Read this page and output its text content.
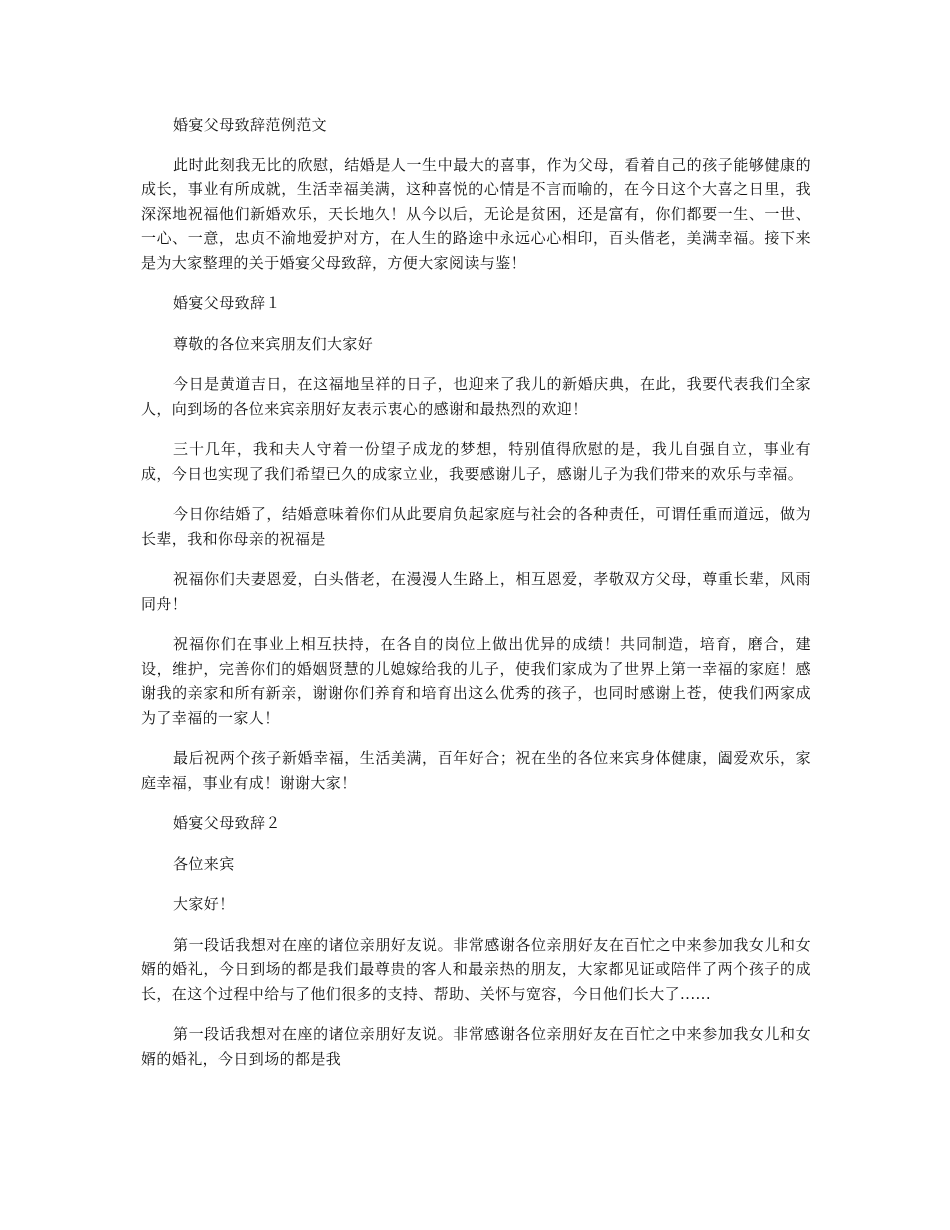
婚宴父母致辞范例范文

此时此刻我无比的欣慰，结婚是人一生中最大的喜事，作为父母，看着自己的孩子能够健康的成长，事业有所成就，生活幸福美满，这种喜悦的心情是不言而喻的，在今日这个大喜之日里，我深深地祝福他们新婚欢乐，天长地久！从今以后，无论是贫困，还是富有，你们都要一生、一世、一心、一意，忠贞不渝地爱护对方，在人生的路途中永远心心相印，百头偕老，美满幸福。接下来是为大家整理的关于婚宴父母致辞，方便大家阅读与鉴！

婚宴父母致辞１

尊敬的各位来宾朋友们大家好

今日是黄道吉日，在这福地呈祥的日子，也迎来了我儿的新婚庆典，在此，我要代表我们全家人，向到场的各位来宾亲朋好友表示衷心的感谢和最热烈的欢迎！

三十几年，我和夫人守着一份望子成龙的梦想，特别值得欣慰的是，我儿自强自立，事业有成，今日也实现了我们希望已久的成家立业，我要感谢儿子，感谢儿子为我们带来的欢乐与幸福。

今日你结婚了，结婚意味着你们从此要肩负起家庭与社会的各种责任，可谓任重而道远，做为长辈，我和你母亲的祝福是

祝福你们夫妻恩爱，白头偕老，在漫漫人生路上，相互恩爱，孝敬双方父母，尊重长辈，风雨同舟！

祝福你们在事业上相互扶持，在各自的岗位上做出优异的成绩！共同制造，培育，磨合，建设，维护，完善你们的婚姻贤慧的儿媳嫁给我的儿子，使我们家成为了世界上第一幸福的家庭！感谢我的亲家和所有新亲，谢谢你们养育和培育出这么优秀的孩子，也同时感谢上苍，使我们两家成为了幸福的一家人！

最后祝两个孩子新婚幸福，生活美满，百年好合；祝在坐的各位来宾身体健康，阖爱欢乐，家庭幸福，事业有成！谢谢大家！

婚宴父母致辞２

各位来宾

大家好！

第一段话我想对在座的诸位亲朋好友说。非常感谢各位亲朋好友在百忙之中来参加我女儿和女婿的婚礼，今日到场的都是我们最尊贵的客人和最亲热的朋友，大家都见证或陪伴了两个孩子的成长，在这个过程中给与了他们很多的支持、帮助、关怀与宽容，今日他们长大了......

第一段话我想对在座的诸位亲朋好友说。非常感谢各位亲朋好友在百忙之中来参加我女儿和女婿的婚礼，今日到场的都是我
